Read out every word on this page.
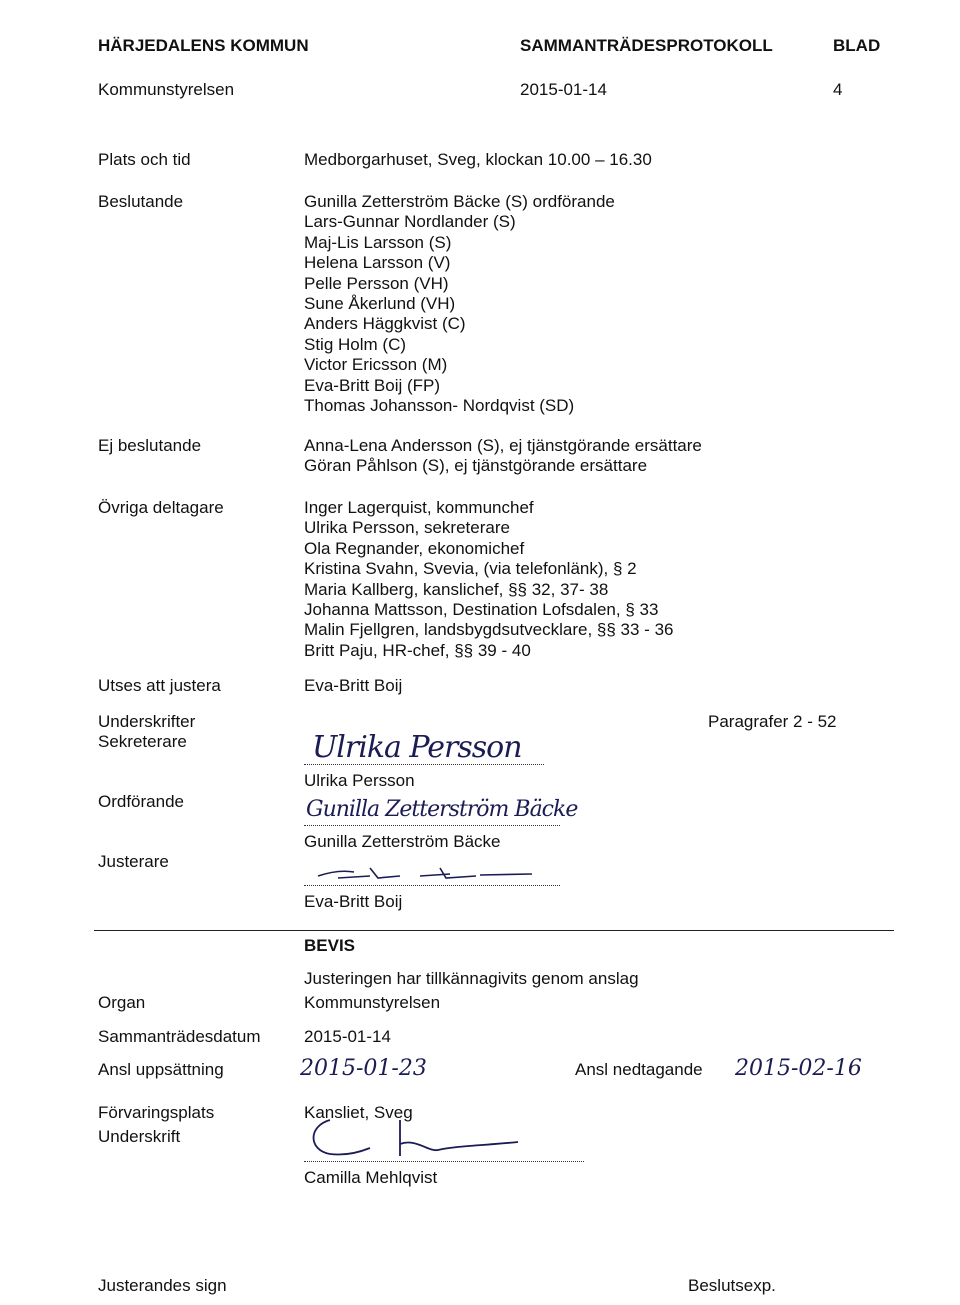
HÄRJEDALENS KOMMUN	SAMMANTRÄDESPROTOKOLL	BLAD
Kommunstyrelsen	2015-01-14	4
Plats och tid	Medborgarhuset, Sveg, klockan 10.00 – 16.30
Beslutande	Gunilla Zetterström Bäcke (S) ordförande
Lars-Gunnar Nordlander (S)
Maj-Lis Larsson (S)
Helena Larsson (V)
Pelle Persson (VH)
Sune Åkerlund (VH)
Anders Häggkvist (C)
Stig Holm (C)
Victor Ericsson (M)
Eva-Britt Boij (FP)
Thomas Johansson- Nordqvist (SD)
Ej beslutande	Anna-Lena Andersson (S), ej tjänstgörande ersättare
Göran Påhlson (S), ej tjänstgörande ersättare
Övriga deltagare	Inger Lagerquist, kommunchef
Ulrika Persson, sekreterare
Ola Regnander, ekonomichef
Kristina Svahn, Svevia, (via telefonlänk), § 2
Maria Kallberg, kanslichef, §§ 32, 37- 38
Johanna Mattsson, Destination Lofsdalen, § 33
Malin Fjellgren, landsbygdsutvecklare, §§ 33 - 36
Britt Paju, HR-chef, §§ 39 - 40
Utses att justera	Eva-Britt Boij
Underskrifter
Sekreterare
Paragrafer 2 - 52
Ulrika Persson
Ulrika Persson
Ordförande	Gunilla Zetterström Bäcke
Gunilla Zetterström Bäcke
Justerare
Eva-Britt Boij
BEVIS
Justeringen har tillkännagivits genom anslag
Organ	Kommunstyrelsen
Sammanträdesdatum	2015-01-14
Ansl uppsättning	2015-01-23	Ansl nedtagande 2015-02-16
Förvaringsplats	Kansliet, Sveg
Underskrift
Camilla Mehlqvist
Justerandes sign	Beslutsexp.
